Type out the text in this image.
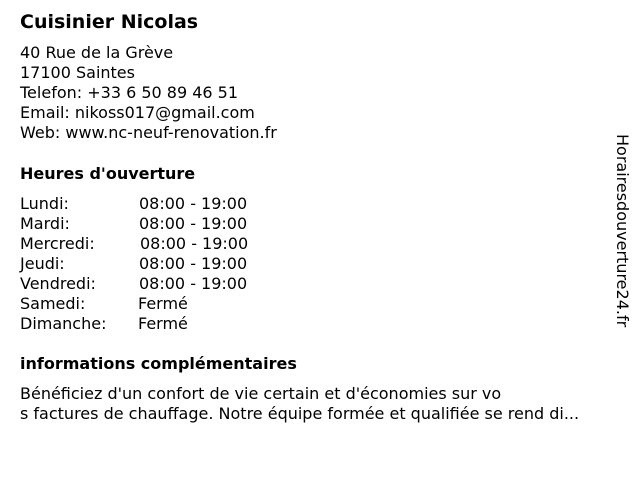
Cuisinier Nicolas
40 Rue de la Grève
17100 Saintes
Telefon: +33 6 50 89 46 51
Email: nikoss017@gmail.com
Web: www.nc-neuf-renovation.fr
Heures d'ouverture
Lundi:	08:00 - 19:00
Mardi:	08:00 - 19:00
Mercredi:	08:00 - 19:00
Jeudi:	08:00 - 19:00
Vendredi:	08:00 - 19:00
Samedi:	Fermé
Dimanche: Fermé
informations complémentaires
Bénéficiez d'un confort de vie certain et d'économies sur vo
s factures de chauffage. Notre équipe formée et qualifiée se rend di...
Horairesdouverture24.fr
